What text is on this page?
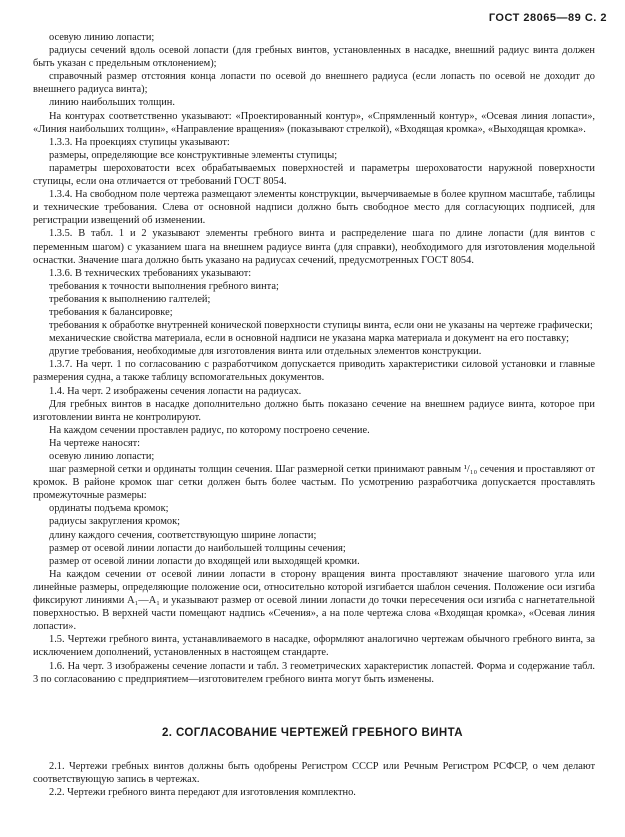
ГОСТ 28065—89 С. 2

осевую линию лопасти;

радиусы сечений вдоль осевой лопасти (для гребных винтов, установленных в насадке, внешний радиус винта должен быть указан с предельным отклонением);

справочный размер отстояния конца лопасти по осевой до внешнего радиуса (если лопасть по осевой не доходит до внешнего радиуса винта);

линию наибольших толщин.

На контурах соответственно указывают: «Проектированный контур», «Спрямленный контур», «Осевая линия лопасти», «Линия наибольших толщин», «Направление вращения» (показывают стрелкой), «Входящая кромка», «Выходящая кромка».

1.3.3. На проекциях ступицы указывают:

размеры, определяющие все конструктивные элементы ступицы;

параметры шероховатости всех обрабатываемых поверхностей и параметры шероховатости наружной поверхности ступицы, если она отличается от требований ГОСТ 8054.

1.3.4. На свободном поле чертежа размещают элементы конструкции, вычерчиваемые в более крупном масштабе, таблицы и технические требования. Слева от основной надписи должно быть свободное место для согласующих подписей, для регистрации извещений об изменении.

1.3.5. В табл. 1 и 2 указывают элементы гребного винта и распределение шага по длине лопасти (для винтов с переменным шагом) с указанием шага на внешнем радиусе винта (для справки), необходимого для изготовления модельной оснастки. Значение шага должно быть указано на радиусах сечений, предусмотренных ГОСТ 8054.

1.3.6. В технических требованиях указывают:

требования к точности выполнения гребного винта;

требования к выполнению галтелей;

требования к балансировке;

требования к обработке внутренней конической поверхности ступицы винта, если они не указаны на чертеже графически;

механические свойства материала, если в основной надписи не указана марка материала и документ на его поставку;

другие требования, необходимые для изготовления винта или отдельных элементов конструкции.

1.3.7. На черт. 1 по согласованию с разработчиком допускается приводить характеристики силовой установки и главные размерения судна, а также таблицу вспомогательных документов.

1.4. На черт. 2 изображены сечения лопасти на радиусах.

Для гребных винтов в насадке дополнительно должно быть показано сечение на внешнем радиусе винта, которое при изготовлении винта не контролируют.

На каждом сечении проставлен радиус, по которому построено сечение.

На чертеже наносят:

осевую линию лопасти;

шаг размерной сетки и ординаты толщин сечения. Шаг размерной сетки принимают равным ¹/₁₀ сечения и проставляют от кромок. В районе кромок шаг сетки должен быть более частым. По усмотрению разработчика допускается проставлять промежуточные размеры:

ординаты подъема кромок;

радиусы закругления кромок;

длину каждого сечения, соответствующую ширине лопасти;

размер от осевой линии лопасти до наибольшей толщины сечения;

размер от осевой линии лопасти до входящей или выходящей кромки.

На каждом сечении от осевой линии лопасти в сторону вращения винта проставляют значение шагового угла или линейные размеры, определяющие положение оси, относительно которой изгибается шаблон сечения. Положение оси изгиба фиксируют линиями A₁—A₁ и указывают размер от осевой линии лопасти до точки пересечения оси изгиба с нагнетательной поверхностью. В верхней части помещают надпись «Сечения», а на поле чертежа слова «Входящая кромка», «Осевая линия лопасти».

1.5. Чертежи гребного винта, устанавливаемого в насадке, оформляют аналогично чертежам обычного гребного винта, за исключением дополнений, установленных в настоящем стандарте.

1.6. На черт. 3 изображены сечение лопасти и табл. 3 геометрических характеристик лопастей. Форма и содержание табл. 3 по согласованию с предприятием—изготовителем гребного винта могут быть изменены.

2. СОГЛАСОВАНИЕ ЧЕРТЕЖЕЙ ГРЕБНОГО ВИНТА

2.1. Чертежи гребных винтов должны быть одобрены Регистром СССР или Речным Регистром РСФСР, о чем делают соответствующую запись в чертежах.

2.2. Чертежи гребного винта передают для изготовления комплектно.
